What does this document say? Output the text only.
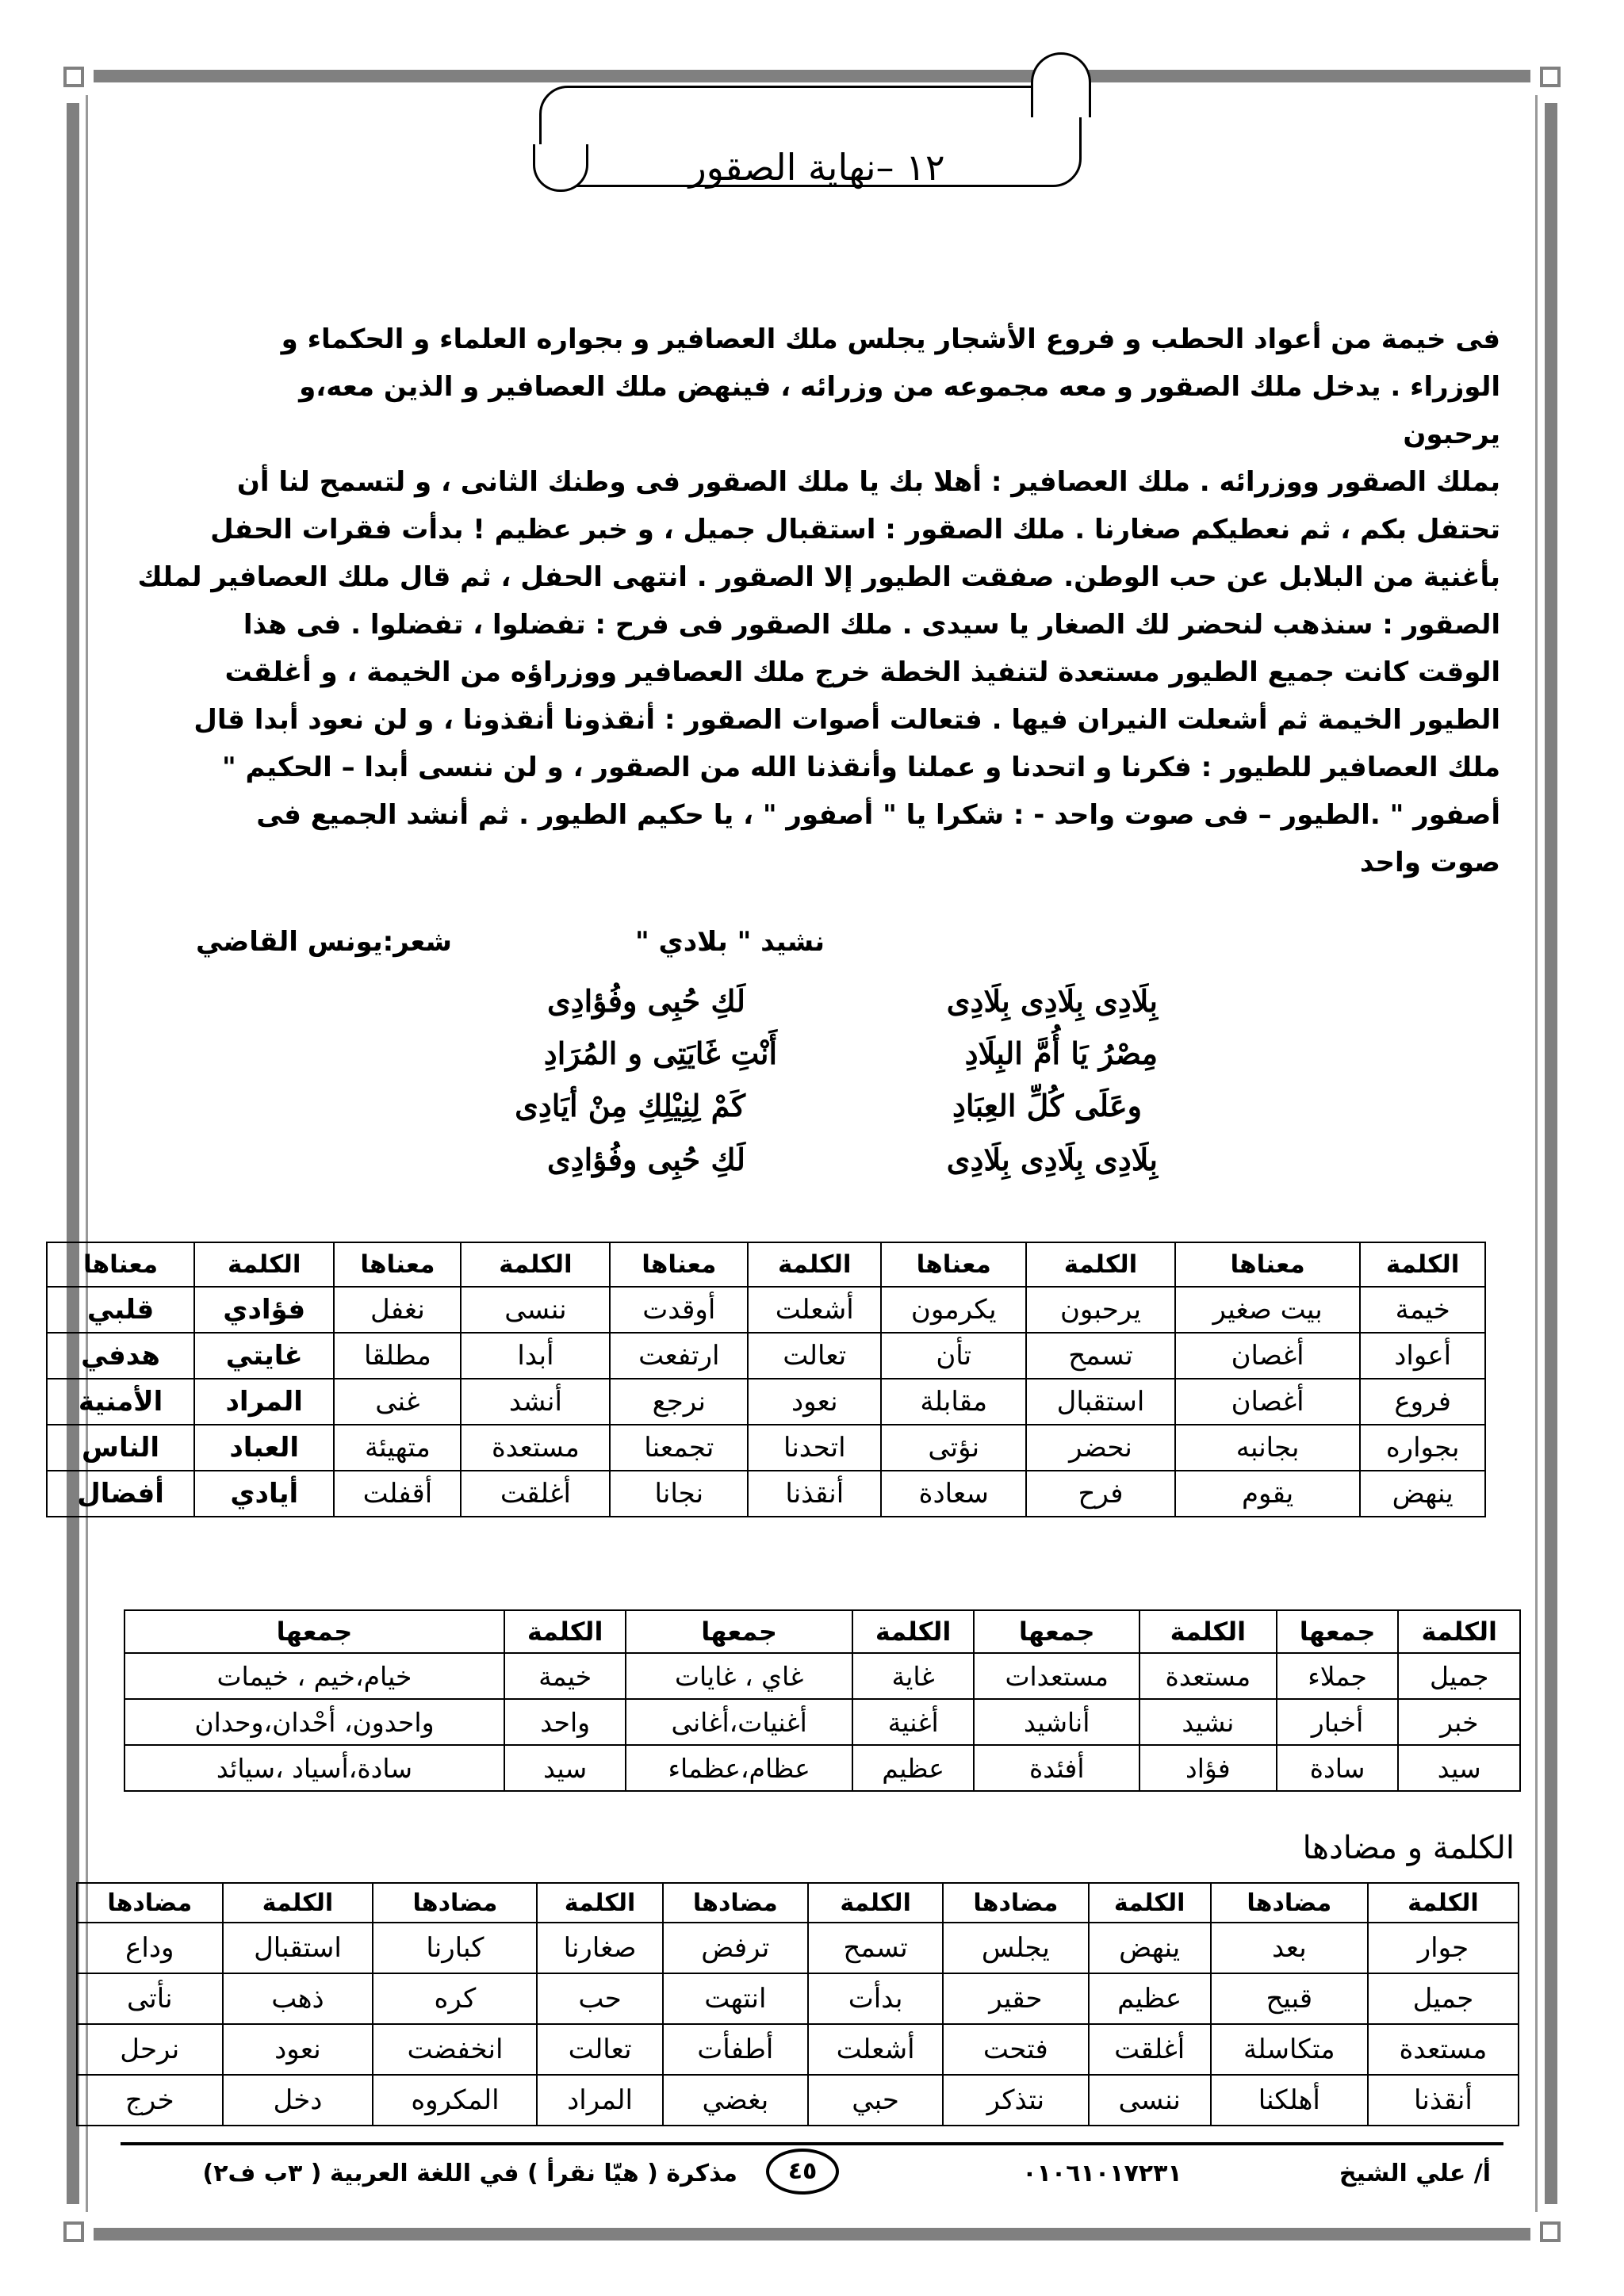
١٢ –نهاية الصقور
فى خيمة من أعواد الحطب و فروع الأشجار يجلس ملك العصافير و بجواره العلماء و الحكماء و
الوزراء . يدخل ملك الصقور و معه مجموعه من وزرائه ، فينهض ملك العصافير و الذين معه،و
يرحبون
بملك الصقور ووزرائه . ملك العصافير : أهلا بك يا ملك الصقور فى وطنك الثانى ، و لتسمح لنا أن
تحتفل بكم ، ثم نعطيكم صغارنا . ملك الصقور : استقبال جميل ، و خبر عظيم ! بدأت فقرات الحفل
بأغنية من البلابل عن حب الوطن. صفقت الطيور إلا الصقور . انتهى الحفل ، ثم قال ملك العصافير لملك
الصقور : سنذهب لنحضر لك الصغار يا سيدى . ملك الصقور فى فرح : تفضلوا ، تفضلوا . فى هذا
الوقت كانت جميع الطيور مستعدة لتنفيذ الخطة خرج ملك العصافير ووزراؤه من الخيمة ، و أغلقت
الطيور الخيمة ثم أشعلت النيران فيها . فتعالت أصوات الصقور : أنقذونا أنقذونا ، و لن نعود أبدا قال
ملك العصافير للطيور : فكرنا و اتحدنا و عملنا وأنقذنا الله من الصقور ، و لن ننسى أبدا – الحكيم "
أصفور " .الطيور – فى صوت واحد - : شكرا يا " أصفور " ، يا حكيم الطيور . ثم أنشد الجميع فى
صوت واحد
نشيد " بلادي "
شعر:يونس القاضي
بِلَادِى بِلَادِى بِلَادِى
لَكِ حُبِى وفُؤادِى
مِصْرُ يَا أُمَّ البِلَادِ
أَنْتِ غَايَتِى و المُرَادِ
وعَلَى كُلِّ العِبَادِ
كَمْ لِنِيْلِكِ مِنْ أيَادِى
بِلَادِى بِلَادِى بِلَادِى
لَكِ حُبِى وفُؤادِى
الكلمة	معناها	الكلمة	معناها	الكلمة	معناها	الكلمة	معناها	الكلمة	معناها
خيمة	بيت صغير	يرحبون	يكرمون	أشعلت	أوقدت	ننسى	نغفل	فؤادي	قلبي
أعواد	أغصان	تسمح	تأن	تعالت	ارتفعت	أبدا	مطلقا	غايتي	هدفي
فروع	أغصان	استقبال	مقابلة	نعود	نرجع	أنشد	غنى	المراد	الأمنية
بجواره	بجانبه	نحضر	نؤتى	اتحدنا	تجمعنا	مستعدة	متهيئة	العباد	الناس
ينهض	يقوم	فرح	سعادة	أنقذنا	نجانا	أغلقت	أقفلت	أيادي	أفضال
الكلمة	جمعها	الكلمة	جمعها	الكلمة	جمعها	الكلمة	جمعها
جميل	جملاء	مستعدة	مستعدات	غاية	غاي ، غايات	خيمة	خيام،خيم ، خيمات
خبر	أخبار	نشيد	أناشيد	أغنية	أغنيات،أغانى	واحد	واحدون، أحْدان،وحدان
سيد	سادة	فؤاد	أفئدة	عظيم	عظام،عظماء	سيد	سادة،أسياد ،سيائد
الكلمة و مضادها
الكلمة	مضادها	الكلمة	مضادها	الكلمة	مضادها	الكلمة	مضادها	الكلمة	مضادها
جوار	بعد	ينهض	يجلس	تسمح	ترفض	صغارنا	كبارنا	استقبال	وداع
جميل	قبيح	عظيم	حقير	بدأت	انتهت	حب	كره	ذهب	نأتى
مستعدة	متكاسلة	أغلقت	فتحت	أشعلت	أطفأت	تعالت	انخفضت	نعود	نرحل
أنقذنا	أهلكنا	ننسى	نتذكر	حبي	بغضي	المراد	المكروه	دخل	خرج
أ/ علي الشيخ
٠١٠٦١٠١٧٢٣١
٤٥
مذكرة ( هيّا نقرأ ) في اللغة العربية ( ٣ب ف٢)
